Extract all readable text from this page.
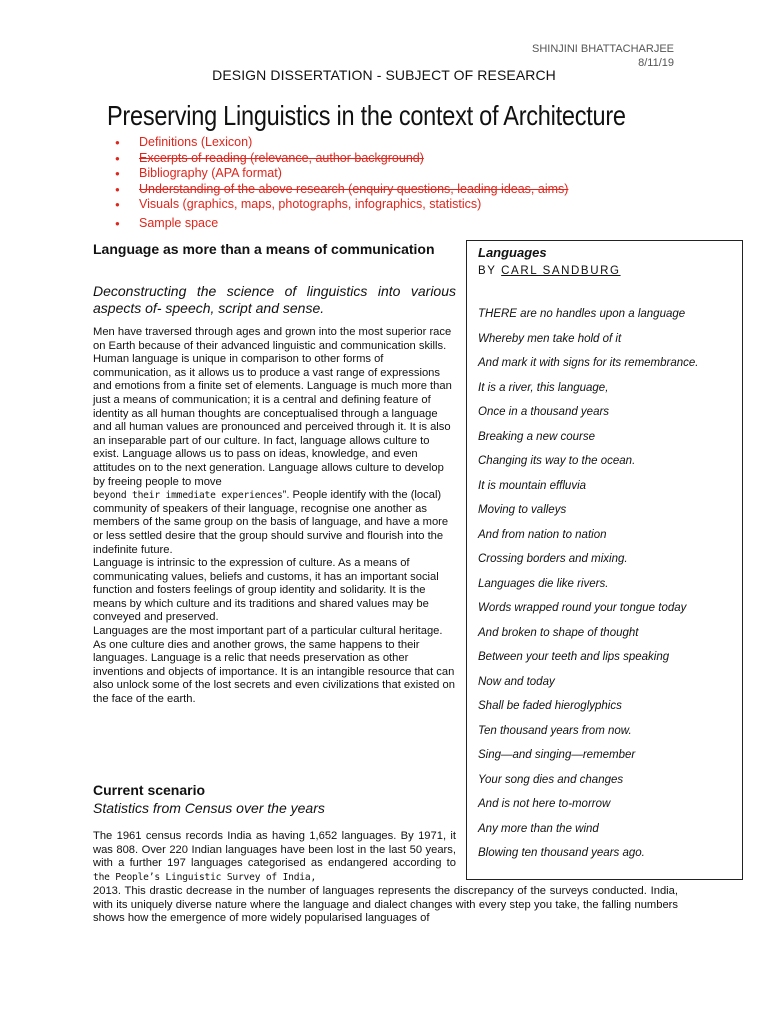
SHINJINI BHATTACHARJEE
8/11/19
DESIGN DISSERTATION - SUBJECT OF RESEARCH
Preserving Linguistics in the context of Architecture
● Definitions (Lexicon)
● Excerpts of reading (relevance, author background)
● Bibliography (APA format)
● Understanding of the above research (enquiry questions, leading ideas, aims)
● Visuals (graphics, maps, photographs, infographics, statistics)
● Sample space
Language as more than a means of communication
Deconstructing the science of linguistics into various aspects of- speech, script and sense.

Men have traversed through ages and grown into the most superior race on Earth because of their advanced linguistic and communication skills. Human language is unique in comparison to other forms of communication, as it allows us to produce a vast range of expressions and emotions from a finite set of elements. Language is much more than just a means of communication; it is a central and defining feature of identity as all human thoughts are conceptualised through a language and all human values are pronounced and perceived through it. It is also an inseparable part of our culture. In fact, language allows culture to exist. Language allows us to pass on ideas, knowledge, and even attitudes on to the next generation. Language allows culture to develop by freeing people to move
beyond their immediate experiences”. People identify with the (local) community of speakers of their language, recognise one another as members of the same group on the basis of language, and have a more or less settled desire that the group should survive and flourish into the indefinite future.

Language is intrinsic to the expression of culture. As a means of communicating values, beliefs and customs, it has an important social function and fosters feelings of group identity and solidarity. It is the means by which culture and its traditions and shared values may be conveyed and preserved.

Languages are the most important part of a particular cultural heritage. As one culture dies and another grows, the same happens to their languages. Language is a relic that needs preservation as other inventions and objects of importance. It is an intangible resource that can also unlock some of the lost secrets and even civilizations that existed on the face of the earth.

Current scenario
Statistics from Census over the years
The 1961 census records India as having 1,652 languages. By 1971, it was 808. Over 220 Indian languages have been lost in the last 50 years, with a further 197 languages categorised as endangered according to the People’s Linguistic Survey of India,
2013. This drastic decrease in the number of languages represents the discrepancy of the surveys conducted. India, with its uniquely diverse nature where the language and dialect changes with every step you take, the falling numbers shows how the emergence of more widely popularised languages of
Languages
BY CARL SANDBURG
THERE are no handles upon a language
Whereby men take hold of it
And mark it with signs for its remembrance.
It is a river, this language,
Once in a thousand years
Breaking a new course
Changing its way to the ocean.
It is mountain effluvia
Moving to valleys
And from nation to nation
Crossing borders and mixing.
Languages die like rivers.
Words wrapped round your tongue today
And broken to shape of thought
Between your teeth and lips speaking
Now and today
Shall be faded hieroglyphics
Ten thousand years from now.
Sing—and singing—remember
Your song dies and changes
And is not here to-morrow
Any more than the wind
Blowing ten thousand years ago.
